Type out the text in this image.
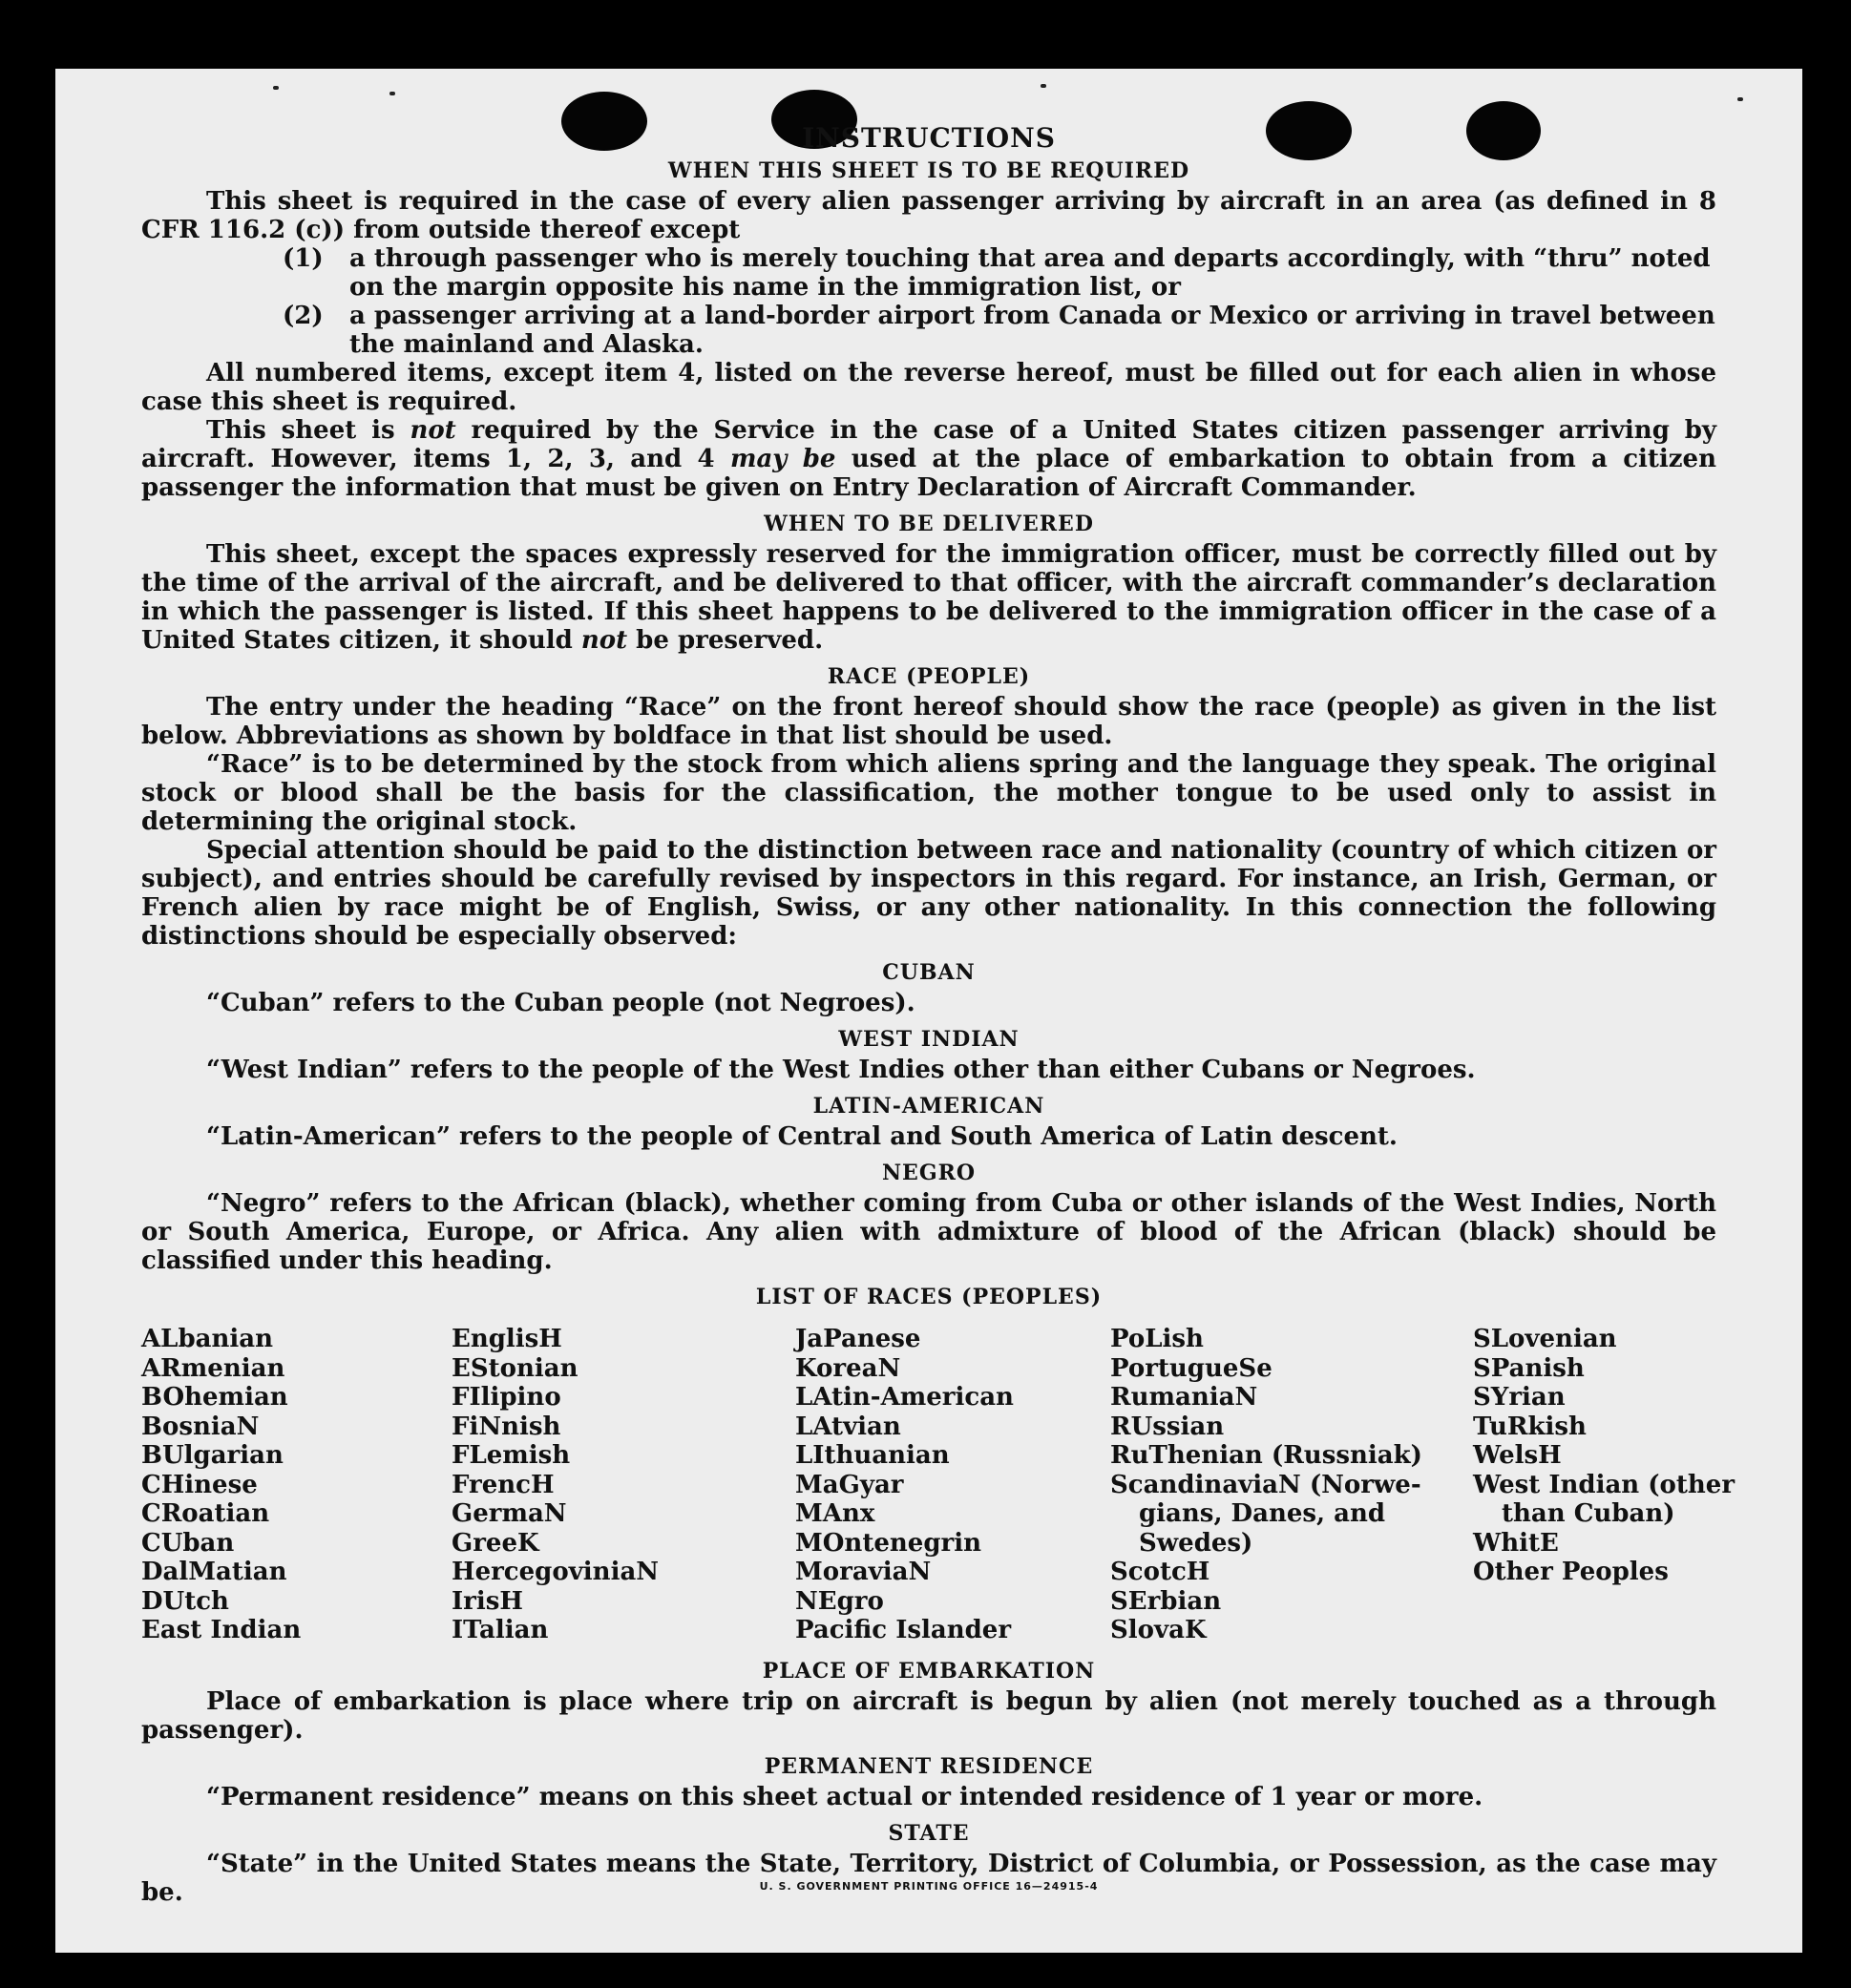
INSTRUCTIONS
WHEN THIS SHEET IS TO BE REQUIRED

This sheet is required in the case of every alien passenger arriving by aircraft in an area (as defined in 8 CFR 116.2 (c)) from outside thereof except

(1)	a through passenger who is merely touching that area and departs accordingly, with “thru” noted on the margin opposite his name in the immigration list, or
(2)	a passenger arriving at a land-border airport from Canada or Mexico or arriving in travel between the mainland and Alaska.

All numbered items, except item 4, listed on the reverse hereof, must be filled out for each alien in whose case this sheet is required.

This sheet is not required by the Service in the case of a United States citizen passenger arriving by aircraft. However, items 1, 2, 3, and 4 may be used at the place of embarkation to obtain from a citizen passenger the information that must be given on Entry Declaration of Aircraft Commander.

WHEN TO BE DELIVERED

This sheet, except the spaces expressly reserved for the immigration officer, must be correctly filled out by the time of the arrival of the aircraft, and be delivered to that officer, with the aircraft commander’s declaration in which the passenger is listed. If this sheet happens to be delivered to the immigration officer in the case of a United States citizen, it should not be preserved.

RACE (PEOPLE)

The entry under the heading “Race” on the front hereof should show the race (people) as given in the list below. Abbreviations as shown by boldface in that list should be used.

“Race” is to be determined by the stock from which aliens spring and the language they speak. The original stock or blood shall be the basis for the classification, the mother tongue to be used only to assist in determining the original stock.

Special attention should be paid to the distinction between race and nationality (country of which citizen or subject), and entries should be carefully revised by inspectors in this regard. For instance, an Irish, German, or French alien by race might be of English, Swiss, or any other nationality. In this connection the following distinctions should be especially observed:

CUBAN

“Cuban” refers to the Cuban people (not Negroes).

WEST INDIAN

“West Indian” refers to the people of the West Indies other than either Cubans or Negroes.

LATIN-AMERICAN

“Latin-American” refers to the people of Central and South America of Latin descent.

NEGRO

“Negro” refers to the African (black), whether coming from Cuba or other islands of the West Indies, North or South America, Europe, or Africa. Any alien with admixture of blood of the African (black) should be classified under this heading.

LIST OF RACES (PEOPLES)
ALbanian
ARmenian
BOhemian
BosniaN
BUlgarian
CHinese
CRoatian
CUban
DalMatian
DUtch
East Indian
EnglisH
EStonian
FIlipino
FiNnish
FLemish
FrencH
GermaN
GreeK
HercegoviniaN
IrisH
ITalian
JaPanese
KoreaN
LAtin-American
LAtvian
LIthuanian
MaGyar
MAnx
MOntenegrin
MoraviaN
NEgro
Pacific Islander
PoLish
PortugueSe
RumaniaN
RUssian
RuThenian (Russniak)
ScandinaviaN (Norwe-
gians, Danes, and
Swedes)
ScotcH
SErbian
SlovaK
SLovenian
SPanish
SYrian
TuRkish
WelsH
West Indian (other
than Cuban)
WhitE
Other Peoples
PLACE OF EMBARKATION

Place of embarkation is place where trip on aircraft is begun by alien (not merely touched as a through passenger).

PERMANENT RESIDENCE

“Permanent residence” means on this sheet actual or intended residence of 1 year or more.

STATE

“State” in the United States means the State, Territory, District of Columbia, or Possession, as the case may be.	U. S. GOVERNMENT PRINTING OFFICE 16—24915-4
